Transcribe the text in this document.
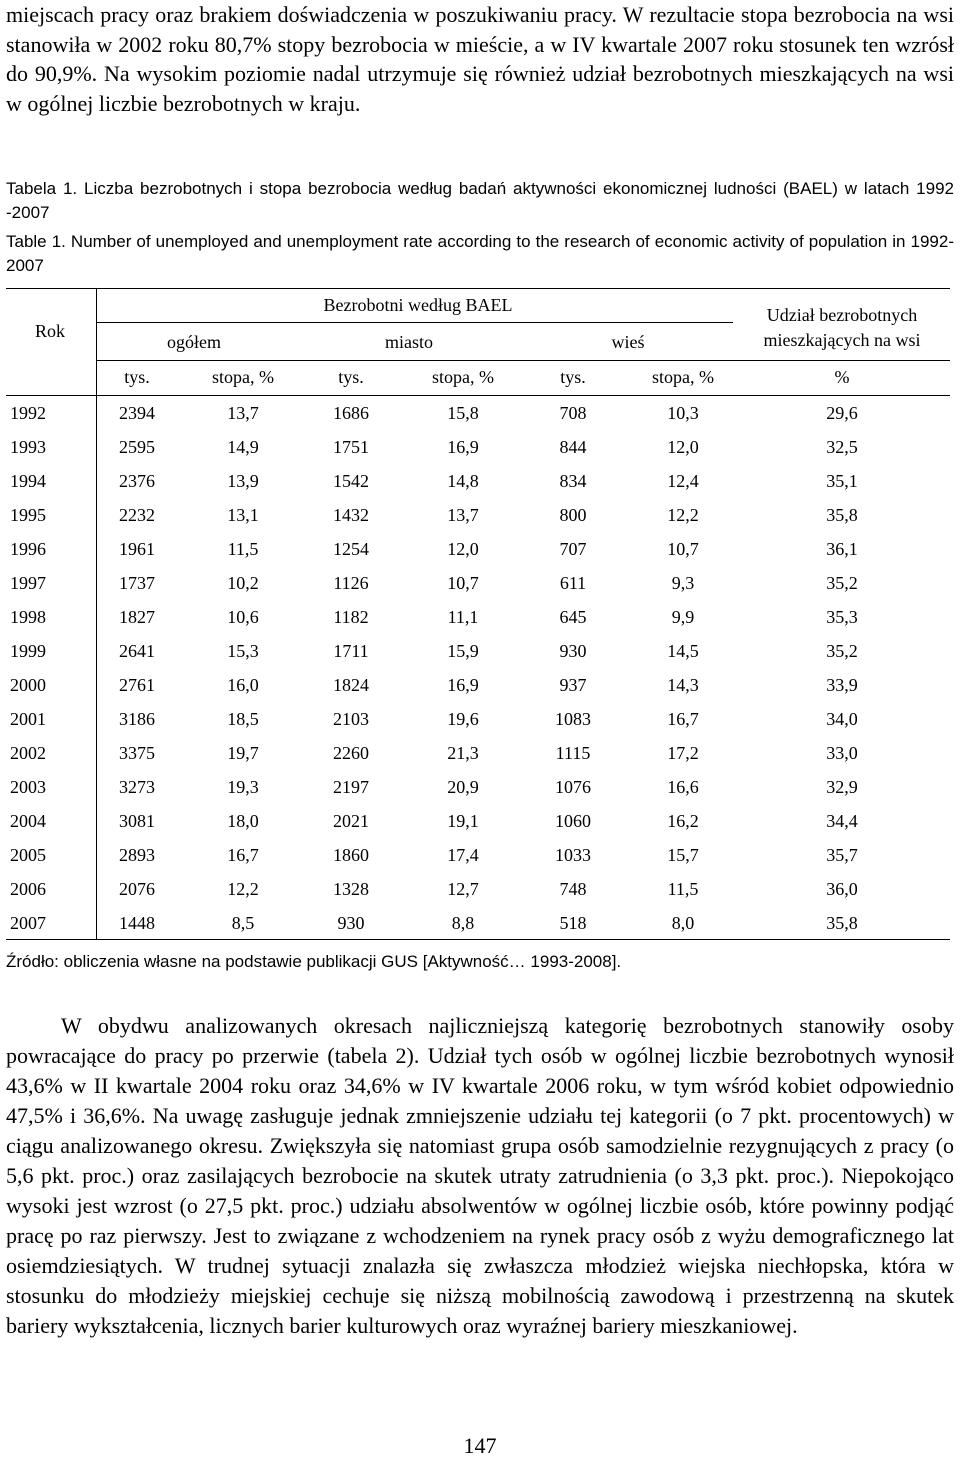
miejscach pracy oraz brakiem doświadczenia w poszukiwaniu pracy. W rezultacie stopa bezrobocia na wsi stanowiła w 2002 roku 80,7% stopy bezrobocia w mieście, a w IV kwartale 2007 roku stosunek ten wzrósł do 90,9%. Na wysokim poziomie nadal utrzymuje się również udział bezrobotnych mieszkających na wsi w ogólnej liczbie bezrobotnych w kraju.

Tabela 1. Liczba bezrobotnych i stopa bezrobocia według badań aktywności ekonomicznej ludności (BAEL) w latach 1992 -2007

Table 1. Number of unemployed and unemployment rate according to the research of economic activity of population in 1992-2007

Rok
Bezrobotni według BAEL
ogółem	miasto	wieś
Udział bezrobotnych
mieszkających na wsi
tys.	stopa, %	tys.	stopa, %	tys.	stopa, %	%
1992	2394	13,7	1686	15,8	708	10,3	29,6
1993	2595	14,9	1751	16,9	844	12,0	32,5
1994	2376	13,9	1542	14,8	834	12,4	35,1
1995	2232	13,1	1432	13,7	800	12,2	35,8
1996	1961	11,5	1254	12,0	707	10,7	36,1
1997	1737	10,2	1126	10,7	611	9,3	35,2
1998	1827	10,6	1182	11,1	645	9,9	35,3
1999	2641	15,3	1711	15,9	930	14,5	35,2
2000	2761	16,0	1824	16,9	937	14,3	33,9
2001	3186	18,5	2103	19,6	1083	16,7	34,0
2002	3375	19,7	2260	21,3	1115	17,2	33,0
2003	3273	19,3	2197	20,9	1076	16,6	32,9
2004	3081	18,0	2021	19,1	1060	16,2	34,4
2005	2893	16,7	1860	17,4	1033	15,7	35,7
2006	2076	12,2	1328	12,7	748	11,5	36,0
2007	1448	8,5	930	8,8	518	8,0	35,8
Źródło: obliczenia własne na podstawie publikacji GUS [Aktywność… 1993-2008].

W obydwu analizowanych okresach najliczniejszą kategorię bezrobotnych stanowiły osoby powracające do pracy po przerwie (tabela 2). Udział tych osób w ogólnej liczbie bezrobotnych wynosił 43,6% w II kwartale 2004 roku oraz 34,6% w IV kwartale 2006 roku, w tym wśród kobiet odpowiednio 47,5% i 36,6%. Na uwagę zasługuje jednak zmniejszenie udziału tej kategorii (o 7 pkt. procentowych) w ciągu analizowanego okresu. Zwiększyła się natomiast grupa osób samodzielnie rezygnujących z pracy (o 5,6 pkt. proc.) oraz zasilających bezrobocie na skutek utraty zatrudnienia (o 3,3 pkt. proc.). Niepokojąco wysoki jest wzrost (o 27,5 pkt. proc.) udziału absolwentów w ogólnej liczbie osób, które powinny podjąć pracę po raz pierwszy. Jest to związane z wchodzeniem na rynek pracy osób z wyżu demograficznego lat osiemdziesiątych. W trudnej sytuacji znalazła się zwłaszcza młodzież wiejska niechłopska, która w stosunku do młodzieży miejskiej cechuje się niższą mobilnością zawodową i przestrzenną na skutek bariery wykształcenia, licznych barier kulturowych oraz wyraźnej bariery mieszkaniowej.

147
